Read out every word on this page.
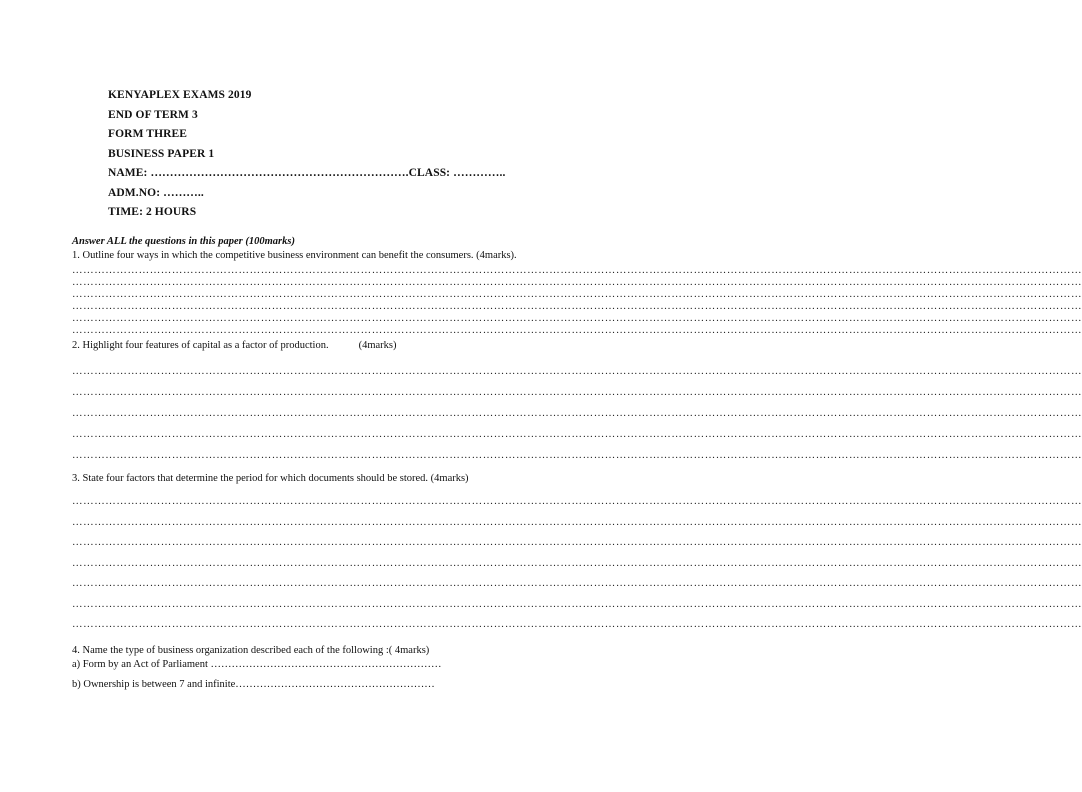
KENYAPLEX EXAMS 2019
END OF TERM 3
FORM THREE
BUSINESS PAPER 1
NAME: ………………………………………………………….CLASS: …………..
ADM.NO: ………..
TIME: 2 HOURS
Answer ALL the questions in this paper (100marks)
1. Outline four ways in which the competitive business environment can benefit the consumers. (4marks).
…………………………………………………………………………………………………………………………………………………………………………………………………………………………………………………
…………………………………………………………………………………………………………………………………………………………………………………………………………………………………………………
…………………………………………………………………………………………………………………………………………………………………………………………………………………………………………………
…………………………………………………………………………………………………………………………………………………………………………………………………………………………………………………
…………………………………………………………………………………………………………………………………………………………………………………………………………………………………………………
…………………………………………………………………………………………………………………………………………………………………………………………………………………………………………………
2. Highlight four features of capital as a factor of production.	(4marks)
…………………………………………………………………………………………………………………………………………………………………………………………………………………………………………………
…………………………………………………………………………………………………………………………………………………………………………………………………………………………………………………
…………………………………………………………………………………………………………………………………………………………………………………………………………………………………………………
…………………………………………………………………………………………………………………………………………………………………………………………………………………………………………………
…………………………………………………………………………………………………………………………………………………………………………………………………………………………………………………
3. State four factors that determine the period for which documents should be stored. (4marks)
…………………………………………………………………………………………………………………………………………………………………………………………………………………………………………………
…………………………………………………………………………………………………………………………………………………………………………………………………………………………………………………
…………………………………………………………………………………………………………………………………………………………………………………………………………………………………………………
…………………………………………………………………………………………………………………………………………………………………………………………………………………………………………………
…………………………………………………………………………………………………………………………………………………………………………………………………………………………………………………
…………………………………………………………………………………………………………………………………………………………………………………………………………………………………………………
…………………………………………………………………………………………………………………………………………………………………………………………………………………………………………………
4. Name the type of business organization described each of the following :( 4marks)
a) Form by an Act of Parliament …………………………………………………………
b) Ownership is between 7 and infinite…………………………………………………
